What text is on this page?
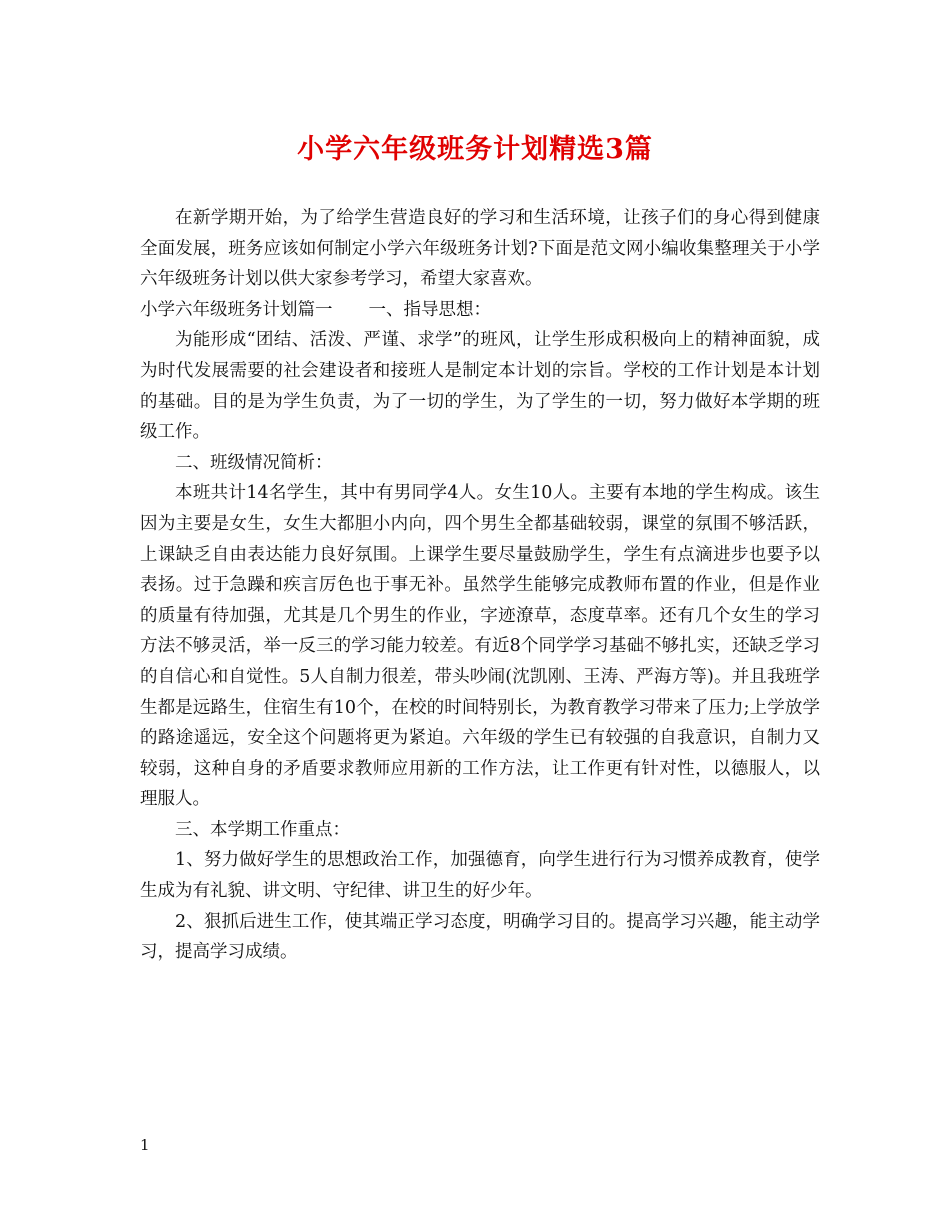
小学六年级班务计划精选3篇

在新学期开始，为了给学生营造良好的学习和生活环境，让孩子们的身心得到健康全面发展，班务应该如何制定小学六年级班务计划?下面是范文网小编收集整理关于小学六年级班务计划以供大家参考学习，希望大家喜欢。

小学六年级班务计划篇一 一、指导思想：

为能形成“团结、活泼、严谨、求学”的班风，让学生形成积极向上的精神面貌，成为时代发展需要的社会建设者和接班人是制定本计划的宗旨。学校的工作计划是本计划的基础。目的是为学生负责，为了一切的学生，为了学生的一切，努力做好本学期的班级工作。

二、班级情况简析：

本班共计14名学生，其中有男同学4人。女生10人。主要有本地的学生构成。该生因为主要是女生，女生大都胆小内向，四个男生全都基础较弱，课堂的氛围不够活跃，上课缺乏自由表达能力良好氛围。上课学生要尽量鼓励学生，学生有点滴进步也要予以表扬。过于急躁和疾言厉色也于事无补。虽然学生能够完成教师布置的作业，但是作业的质量有待加强，尤其是几个男生的作业，字迹潦草，态度草率。还有几个女生的学习方法不够灵活，举一反三的学习能力较差。有近8个同学学习基础不够扎实，还缺乏学习的自信心和自觉性。5人自制力很差，带头吵闹(沈凯刚、王涛、严海方等)。并且我班学生都是远路生，住宿生有10个，在校的时间特别长，为教育教学习带来了压力;上学放学的路途遥远，安全这个问题将更为紧迫。六年级的学生已有较强的自我意识，自制力又较弱，这种自身的矛盾要求教师应用新的工作方法，让工作更有针对性，以德服人，以理服人。

三、本学期工作重点：

1、努力做好学生的思想政治工作，加强德育，向学生进行行为习惯养成教育，使学生成为有礼貌、讲文明、守纪律、讲卫生的好少年。

2、狠抓后进生工作，使其端正学习态度，明确学习目的。提高学习兴趣，能主动学习，提高学习成绩。

1
